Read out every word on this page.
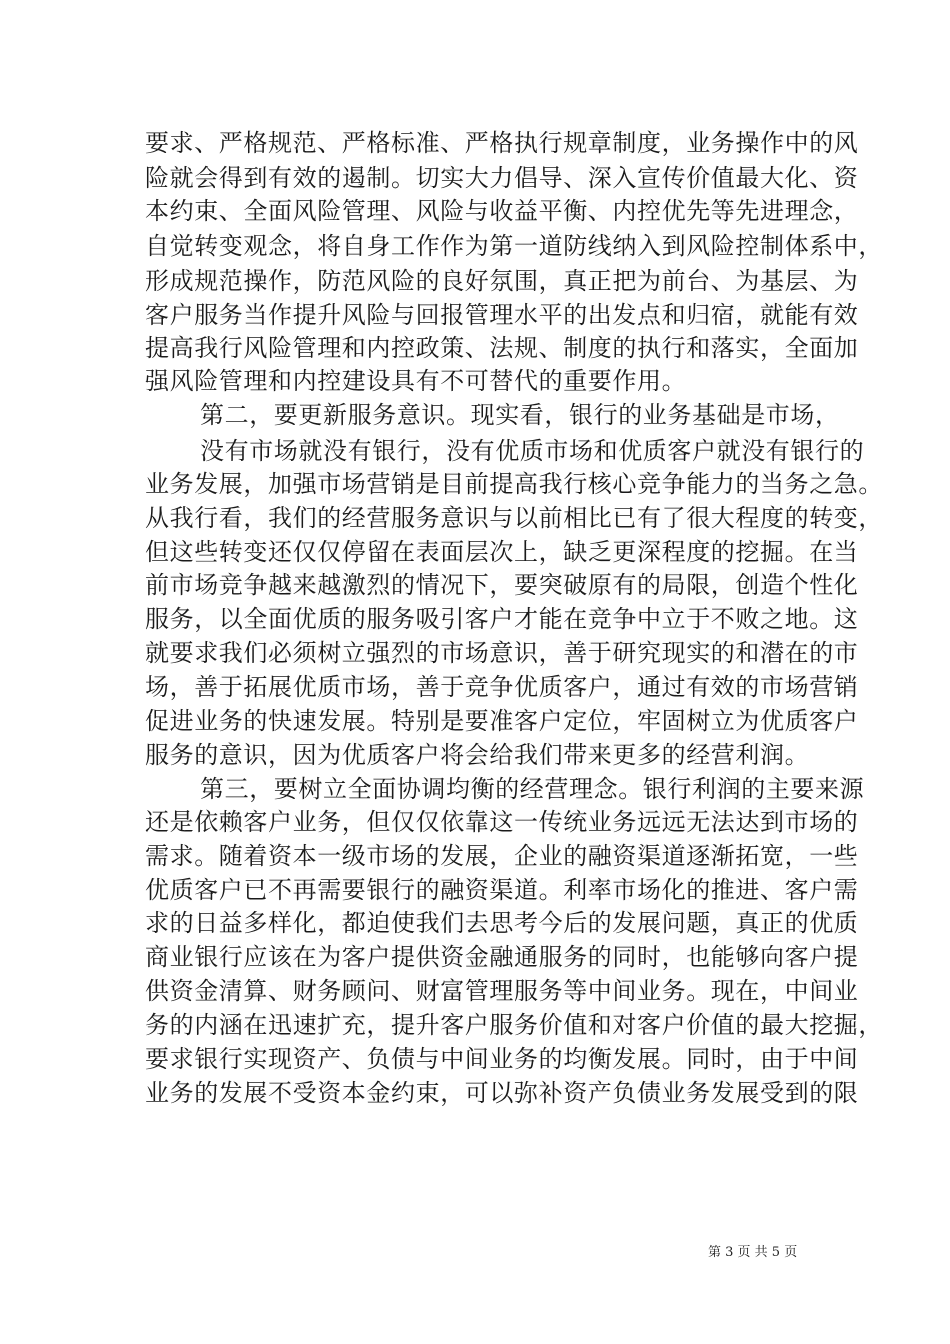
要求、严格规范、严格标准、严格执行规章制度，业务操作中的风
险就会得到有效的遏制。切实大力倡导、深入宣传价值最大化、资
本约束、全面风险管理、风险与收益平衡、内控优先等先进理念，
自觉转变观念，将自身工作作为第一道防线纳入到风险控制体系中，
形成规范操作，防范风险的良好氛围，真正把为前台、为基层、为
客户服务当作提升风险与回报管理水平的出发点和归宿，就能有效
提高我行风险管理和内控政策、法规、制度的执行和落实，全面加
强风险管理和内控建设具有不可替代的重要作用。
第二，要更新服务意识。现实看，银行的业务基础是市场，
没有市场就没有银行，没有优质市场和优质客户就没有银行的
业务发展，加强市场营销是目前提高我行核心竞争能力的当务之急。
从我行看，我们的经营服务意识与以前相比已有了很大程度的转变，
但这些转变还仅仅停留在表面层次上，缺乏更深程度的挖掘。在当
前市场竞争越来越激烈的情况下，要突破原有的局限，创造个性化
服务，以全面优质的服务吸引客户才能在竞争中立于不败之地。这
就要求我们必须树立强烈的市场意识，善于研究现实的和潜在的市
场，善于拓展优质市场，善于竞争优质客户，通过有效的市场营销
促进业务的快速发展。特别是要准客户定位，牢固树立为优质客户
服务的意识，因为优质客户将会给我们带来更多的经营利润。
第三，要树立全面协调均衡的经营理念。银行利润的主要来源
还是依赖客户业务，但仅仅依靠这一传统业务远远无法达到市场的
需求。随着资本一级市场的发展，企业的融资渠道逐渐拓宽，一些
优质客户已不再需要银行的融资渠道。利率市场化的推进、客户需
求的日益多样化，都迫使我们去思考今后的发展问题，真正的优质
商业银行应该在为客户提供资金融通服务的同时，也能够向客户提
供资金清算、财务顾问、财富管理服务等中间业务。现在，中间业
务的内涵在迅速扩充，提升客户服务价值和对客户价值的最大挖掘，
要求银行实现资产、负债与中间业务的均衡发展。同时，由于中间
业务的发展不受资本金约束，可以弥补资产负债业务发展受到的限
第 3 页 共 5 页
